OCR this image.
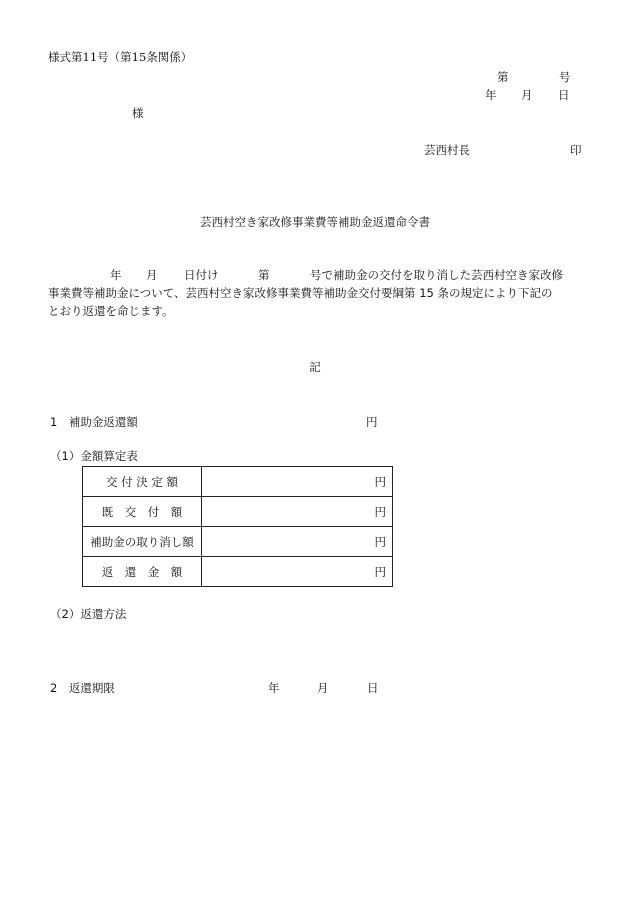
様式第11号（第15条関係）
第	号
年 月 日
様
芸西村長	印
芸西村空き家改修事業費等補助金返還命令書
年 月 日付け	第	号で補助金の交付を取り消した芸西村空き家改修
事業費等補助金について、芸西村空き家改修事業費等補助金交付要綱第 15 条の規定により下記の
とおり返還を命じます。
記
1　補助金返還額	円
（1）金額算定表
交 付 決 定 額	円
既　交　付　額	円
補助金の取り消し額	円
返　還　金　額	円
（2）返還方法
2　返還期限	年	月	日
